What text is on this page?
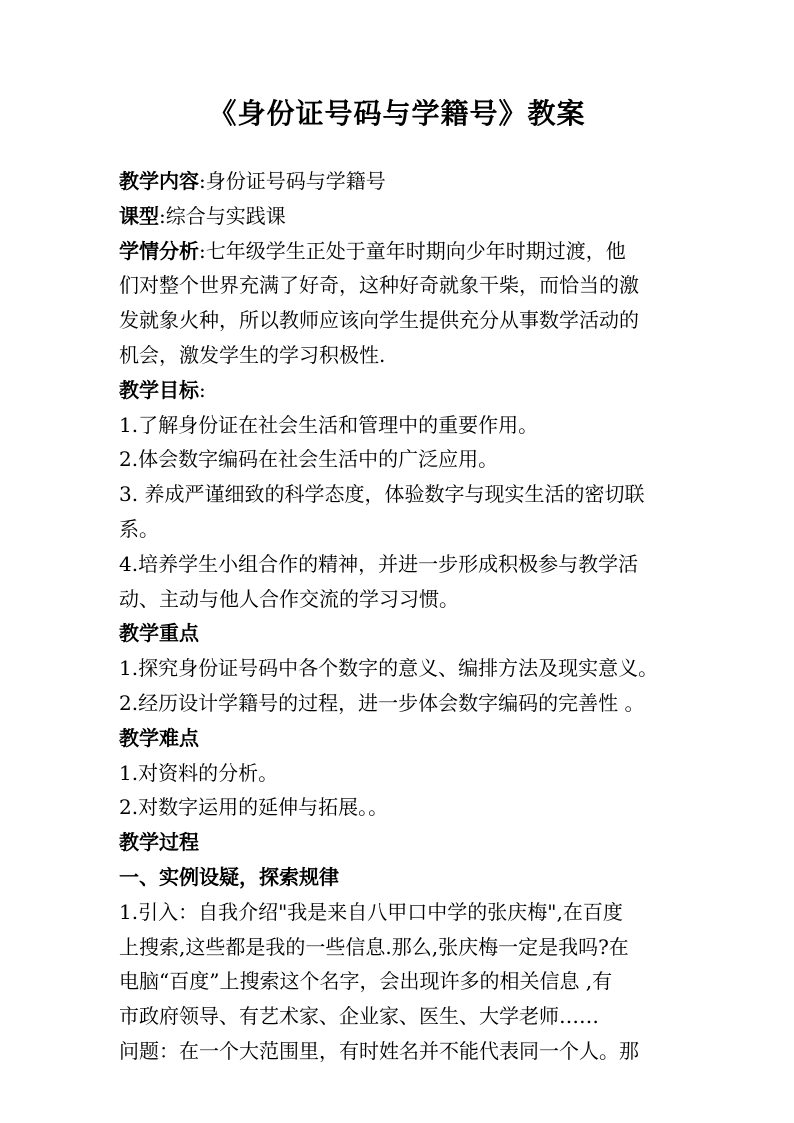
《身份证号码与学籍号》教案
教学内容:身份证号码与学籍号
课型:综合与实践课
学情分析:七年级学生正处于童年时期向少年时期过渡，他
们对整个世界充满了好奇，这种好奇就象干柴，而恰当的激
发就象火种，所以教师应该向学生提供充分从事数学活动的
机会，激发学生的学习积极性.
教学目标:
1.了解身份证在社会生活和管理中的重要作用。
2.体会数字编码在社会生活中的广泛应用。
3. 养成严谨细致的科学态度，体验数字与现实生活的密切联
系。
4.培养学生小组合作的精神，并进一步形成积极参与教学活
动、主动与他人合作交流的学习习惯。
教学重点
1.探究身份证号码中各个数字的意义、编排方法及现实意义。
2.经历设计学籍号的过程，进一步体会数字编码的完善性 。
教学难点
1.对资料的分析。
2.对数字运用的延伸与拓展。。
教学过程
一、实例设疑，探索规律
1.引入：自我介绍"我是来自八甲口中学的张庆梅",在百度
上搜索,这些都是我的一些信息.那么,张庆梅一定是我吗?在
电脑“百度”上搜索这个名字，会出现许多的相关信息 ,有
市政府领导、有艺术家、企业家、医生、大学老师……
问题：在一个大范围里，有时姓名并不能代表同一个人。那
